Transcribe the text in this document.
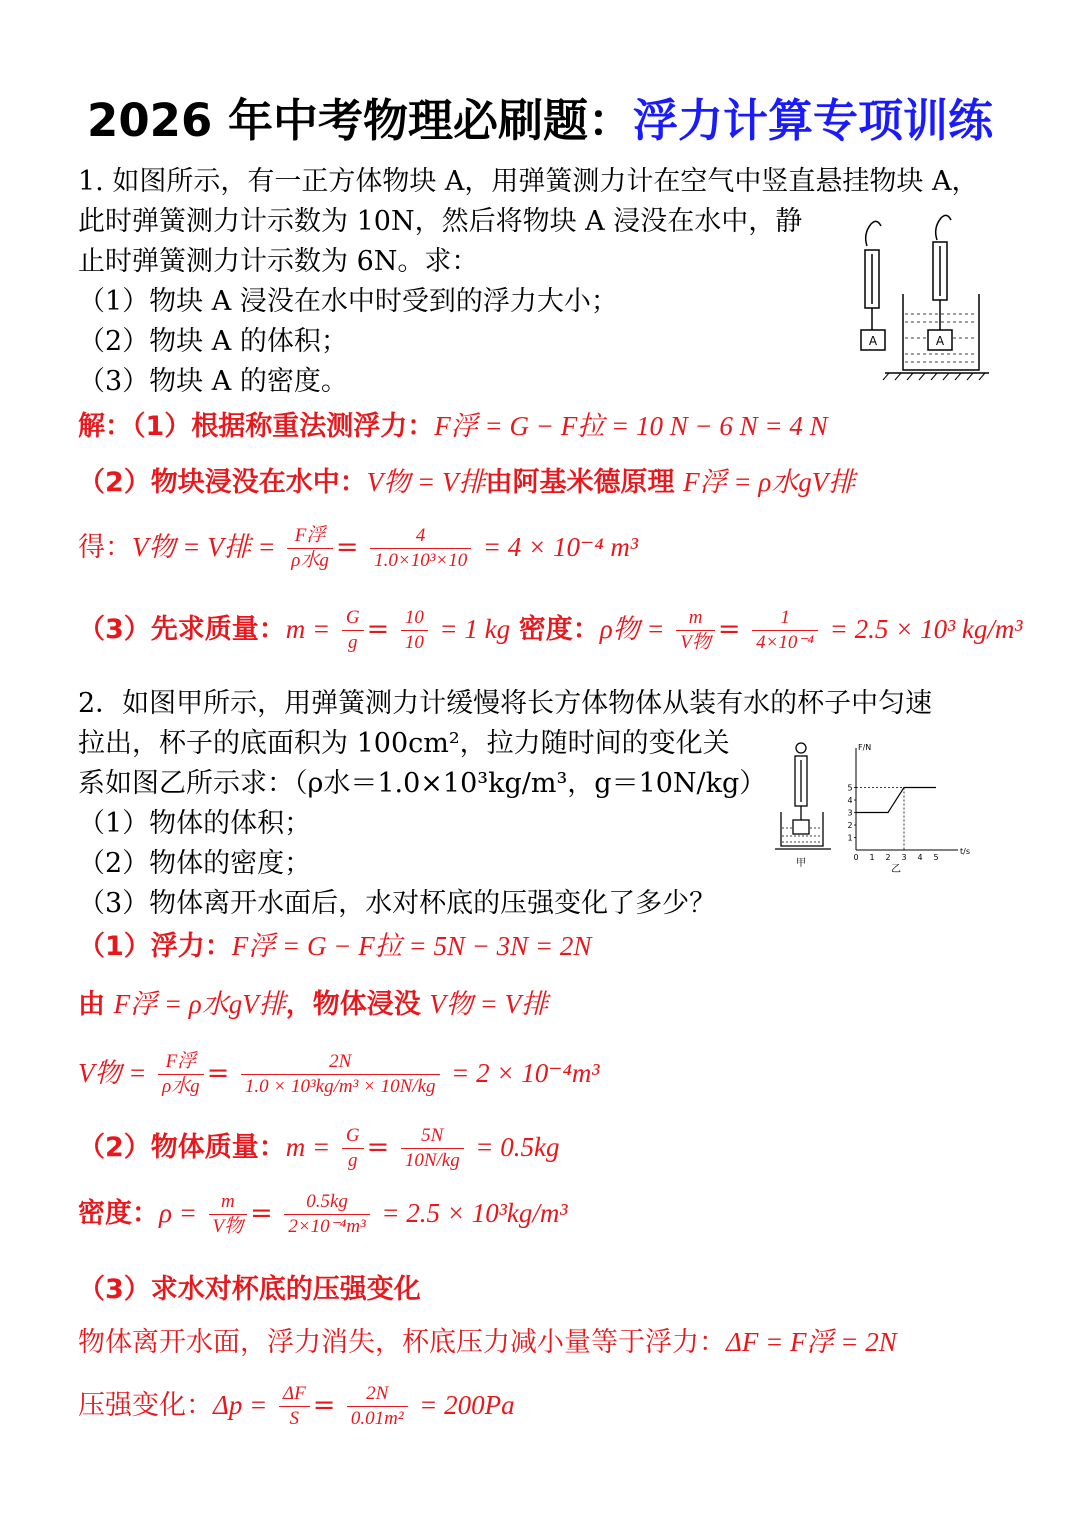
2026 年中考物理必刷题：浮力计算专项训练
1. 如图所示，有一正方体物块 A，用弹簧测力计在空气中竖直悬挂物块 A，
此时弹簧测力计示数为 10N，然后将物块 A 浸没在水中，静
止时弹簧测力计示数为 6N。求：
（1）物块 A 浸没在水中时受到的浮力大小；
（2）物块 A 的体积；
（3）物块 A 的密度。
A	A
解：（1）根据称重法测浮力：F浮 = G − F拉 = 10 N − 6 N = 4 N
（2）物块浸没在水中：V物 = V排由阿基米德原理 F浮 = ρ水gV排
得：V物 = V排 = $\frac{\text{F浮}}{\text{ρ水g}} = \frac{4}{\text{1.0×10³×10}} = 4 \times 10^{-4}$ m³
（3）先求质量：$m = \frac{G}{g} = \frac{10}{10} = 1$ kg 密度：ρ物 = $\frac{m}{\text{V物}} = \frac{1}{\text{4×10⁻⁴}} = 2.5 \times 10^3$ kg/m³
2．如图甲所示，用弹簧测力计缓慢将长方体物体从装有水的杯子中匀速
拉出，杯子的底面积为 100cm²，拉力随时间的变化关
系如图乙所示求：（ρ水＝1.0×10³kg/m³，g＝10N/kg）
（1）物体的体积；
（2）物体的密度；
（3）物体离开水面后，水对杯底的压强变化了多少？
甲
t/s
F/N
0 1 2 3 4 5
1
2
3
4
5
乙
（1）浮力：F浮 = G − F拉 = 5N − 3N = 2N
由 F浮 = ρ水gV排，物体浸没 V物 = V排
V物 = $\frac{\text{F浮}}{\text{ρ水g}} = \frac{2N}{\text{1.0 × 10³kg/m³ × 10N/kg}} = 2 \times 10^{-4}m^3$
（2）物体质量：$m = \frac{G}{g} = \frac{5N}{10N/kg} = 0.5kg$
密度：$\rho = \frac{m}{\text{V物}} = \frac{0.5kg}{\text{2×10⁻⁴m³}} = 2.5 \times 10^3kg/m^3$
（3）求水对杯底的压强变化
物体离开水面，浮力消失，杯底压力减小量等于浮力：ΔF = F浮 = 2N
压强变化：$\Delta p = \frac{\Delta F}{S} = \frac{2N}{\text{0.01m²}} = 200Pa$
